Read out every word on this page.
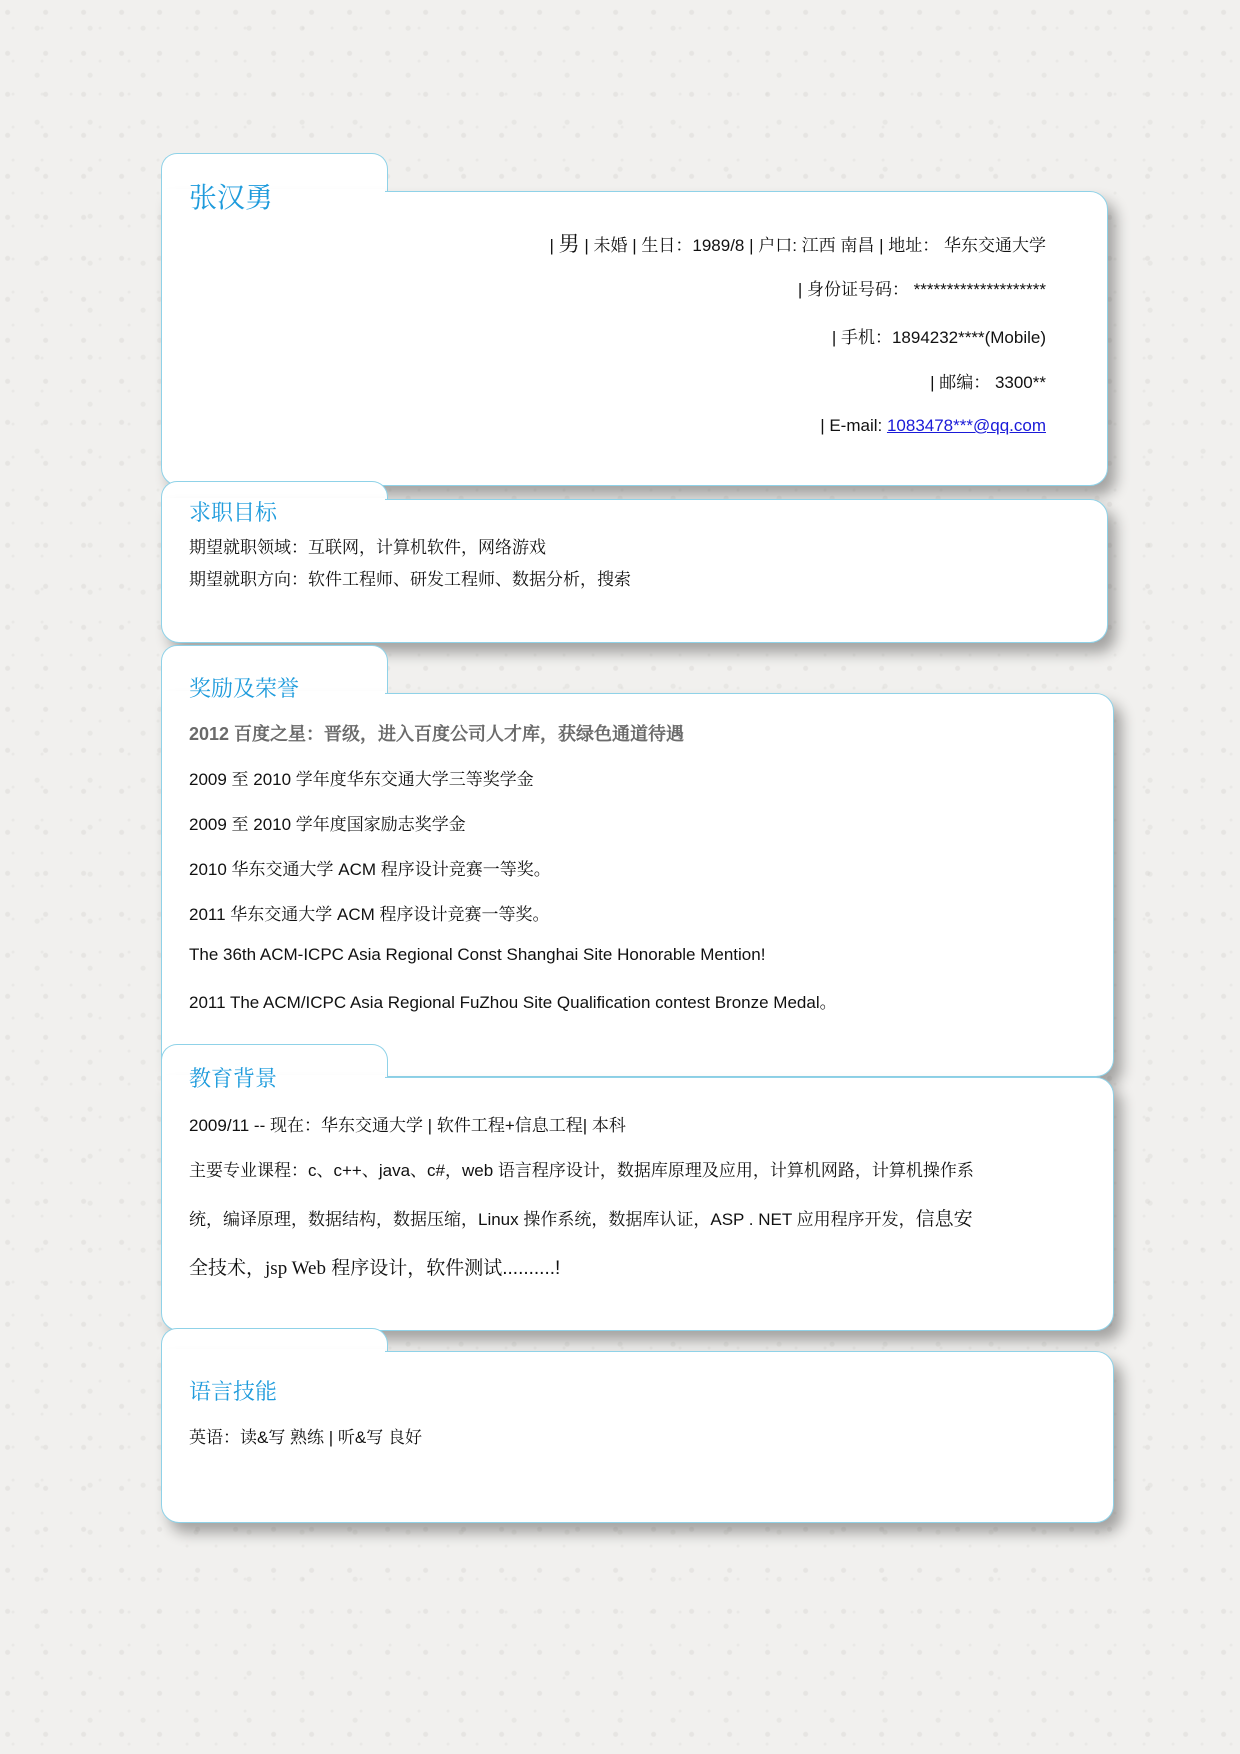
张汉勇
| 男 | 未婚 | 生日：1989/8 | 户口: 江西 南昌 | 地址： 华东交通大学
| 身份证号码： ********************
| 手机：1894232****(Mobile)
| 邮编： 3300**
| E-mail: 1083478***@qq.com
求职目标
期望就职领域：互联网，计算机软件，网络游戏
期望就职方向：软件工程师、研发工程师、数据分析，搜索
奖励及荣誉
2012 百度之星：晋级，进入百度公司人才库，获绿色通道待遇
2009 至 2010 学年度华东交通大学三等奖学金
2009 至 2010 学年度国家励志奖学金
2010 华东交通大学 ACM 程序设计竞赛一等奖。
2011 华东交通大学 ACM 程序设计竞赛一等奖。
The 36th ACM-ICPC Asia Regional Const Shanghai Site Honorable Mention!
2011 The ACM/ICPC Asia Regional FuZhou Site Qualification contest Bronze Medal。
教育背景
2009/11 -- 现在：华东交通大学 | 软件工程+信息工程| 本科
主要专业课程：c、c++、java、c#，web 语言程序设计，数据库原理及应用，计算机网路，计算机操作系
统，编译原理，数据结构，数据压缩，Linux 操作系统，数据库认证，ASP . NET 应用程序开发，信息安
全技术，jsp Web 程序设计，软件测试..........!
语言技能
英语：读&写 熟练 | 听&写 良好
